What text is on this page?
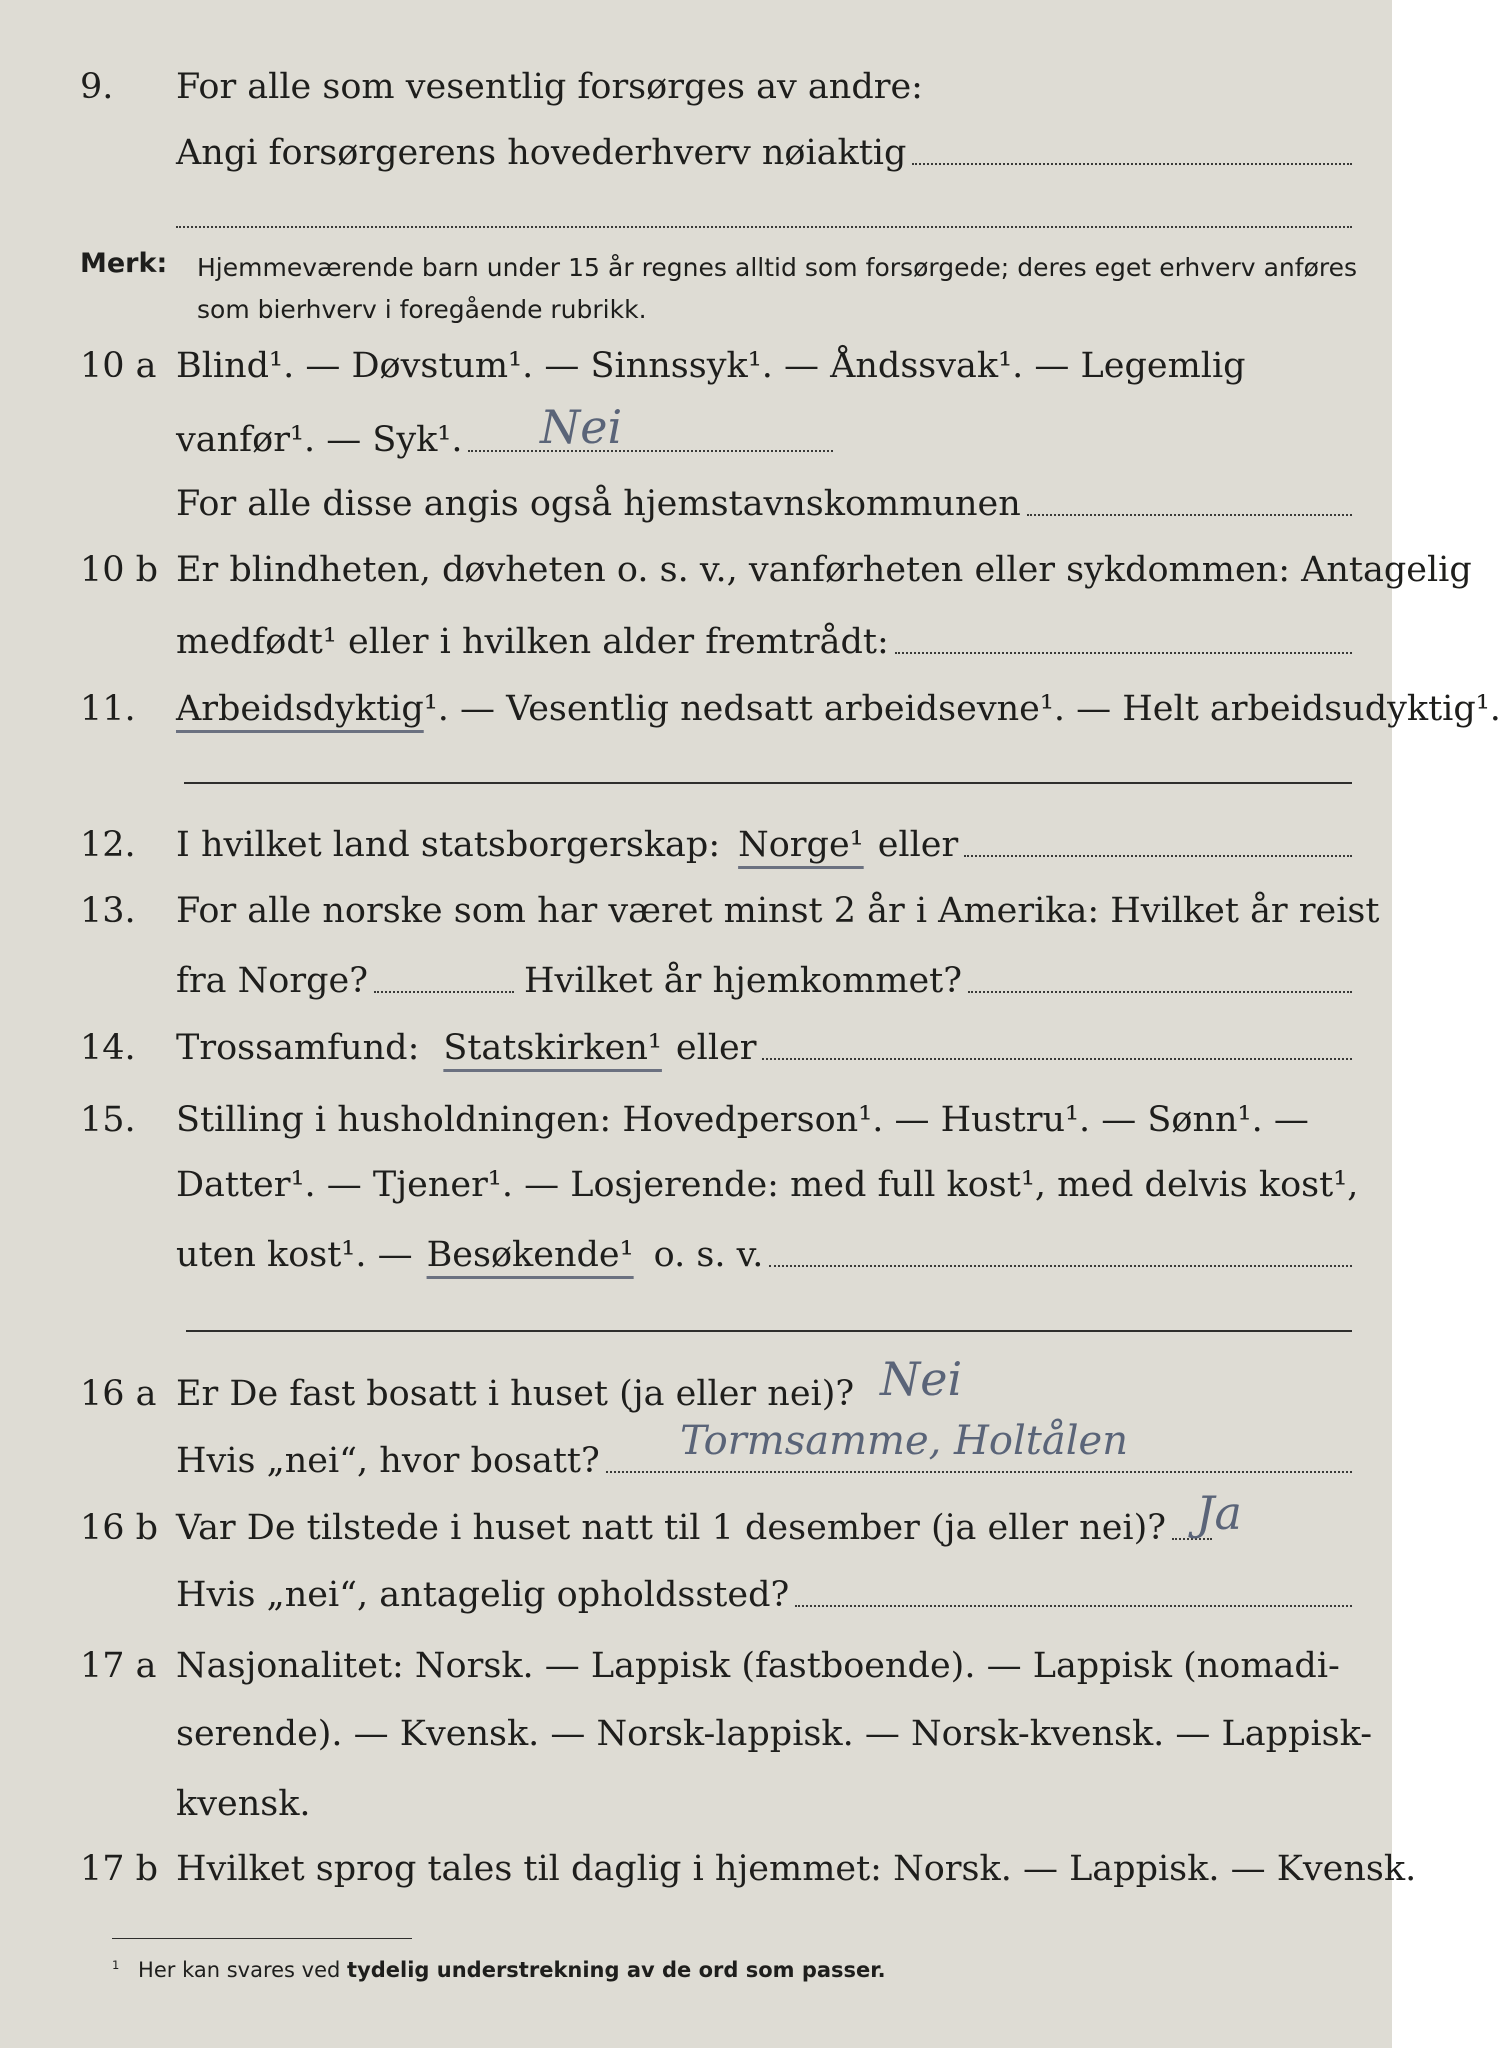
9.	For alle som vesentlig forsørges av andre:
Angi forsørgerens hovederhverv nøiaktig
Merk: Hjemmeværende barn under 15 år regnes alltid som forsørgede; deres eget erhverv anføres som bierhverv i foregående rubrikk.
10 a Blind¹. — Døvstum¹. — Sinnssyk¹. — Åndssvak¹. — Legemlig
vanfør¹. — Syk¹. Nei
For alle disse angis også hjemstavnskommunen
10 b Er blindheten, døvheten o. s. v., vanførheten eller sykdommen: Antagelig
medfødt¹ eller i hvilken alder fremtrådt:
11.	Arbeidsdyktig ¹. — Vesentlig nedsatt arbeidsevne¹. — Helt arbeidsudyktig¹.
12.	I hvilket land statsborgerskap: Norge¹ eller
13.	For alle norske som har været minst 2 år i Amerika: Hvilket år reist
fra Norge?	Hvilket år hjemkommet?
14.	Trossamfund: Statskirken¹ eller
15.	Stilling i husholdningen: Hovedperson¹. — Hustru¹. — Sønn¹. —
Datter¹. — Tjener¹. — Losjerende: med full kost¹, med delvis kost¹,
uten kost¹. — Besøkende¹ o. s. v.
16 a Er De fast bosatt i huset (ja eller nei)? Nei
Hvis „nei“, hvor bosatt? Tormsamme, Holtålen
16 b Var De tilstede i huset natt til 1 desember (ja eller nei)? Ja
Hvis „nei“, antagelig opholdssted?
17 a Nasjonalitet: Norsk. — Lappisk (fastboende). — Lappisk (nomadi-
serende). — Kvensk. — Norsk-lappisk. — Norsk-kvensk. — Lappisk-
kvensk.
17 b Hvilket sprog tales til daglig i hjemmet: Norsk. — Lappisk. — Kvensk.
$^1$ Her kan svares ved tydelig understrekning av de ord som passer.
